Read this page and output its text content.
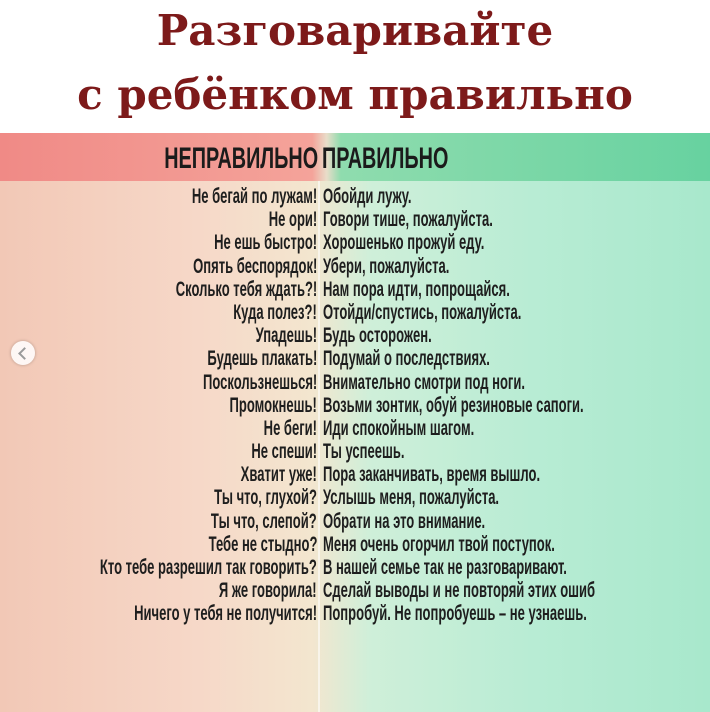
Разговаривайте
с ребёнком правильно
НЕПРАВИЛЬНО ПРАВИЛЬНО
Не бегай по лужам! Обойди лужу.
Не ори! Говори тише, пожалуйста.
Не ешь быстро! Хорошенько прожуй еду.
Опять беспорядок! Убери, пожалуйста.
Сколько тебя ждать?! Нам пора идти, попрощайся.
Куда полез?! Отойди/спустись, пожалуйста.
Упадешь! Будь осторожен.
Будешь плакать! Подумай о последствиях.
Поскользнешься! Внимательно смотри под ноги.
Промокнешь! Возьми зонтик, обуй резиновые сапоги.
Не беги! Иди спокойным шагом.
Не спеши! Ты успеешь.
Хватит уже! Пора заканчивать, время вышло.
Ты что, глухой? Услышь меня, пожалуйста.
Ты что, слепой? Обрати на это внимание.
Тебе не стыдно? Меня очень огорчил твой поступок.
Кто тебе разрешил так говорить? В нашей семье так не разговаривают.
Я же говорила! Сделай выводы и не повторяй этих ошиб
Ничего у тебя не получится! Попробуй. Не попробуешь – не узнаешь.
